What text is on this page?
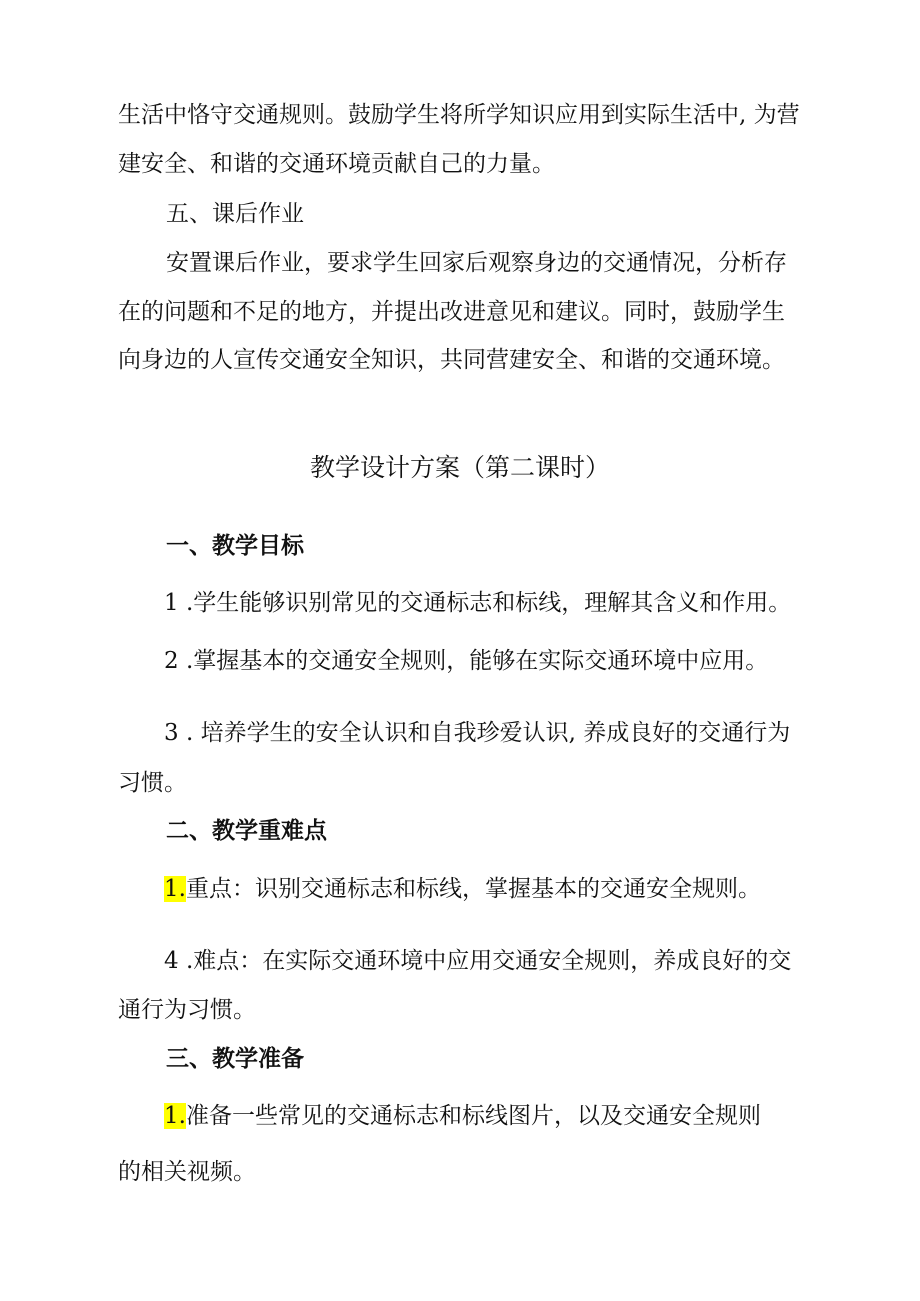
生活中恪守交通规则。鼓励学生将所学知识应用到实际生活中, 为营
建安全、和谐的交通环境贡献自己的力量。
五、课后作业
安置课后作业，要求学生回家后观察身边的交通情况，分析存
在的问题和不足的地方，并提出改进意见和建议。同时，鼓励学生
向身边的人宣传交通安全知识，共同营建安全、和谐的交通环境。
教学设计方案（第二课时）
一、教学目标
1 .学生能够识别常见的交通标志和标线，理解其含义和作用。
2 .掌握基本的交通安全规则，能够在实际交通环境中应用。
3 . 培养学生的安全认识和自我珍爱认识, 养成良好的交通行为
习惯。
二、教学重难点
1.重点：识别交通标志和标线，掌握基本的交通安全规则。
4 .难点：在实际交通环境中应用交通安全规则，养成良好的交
通行为习惯。
三、教学准备
1.准备一些常见的交通标志和标线图片，以及交通安全规则
的相关视频。
